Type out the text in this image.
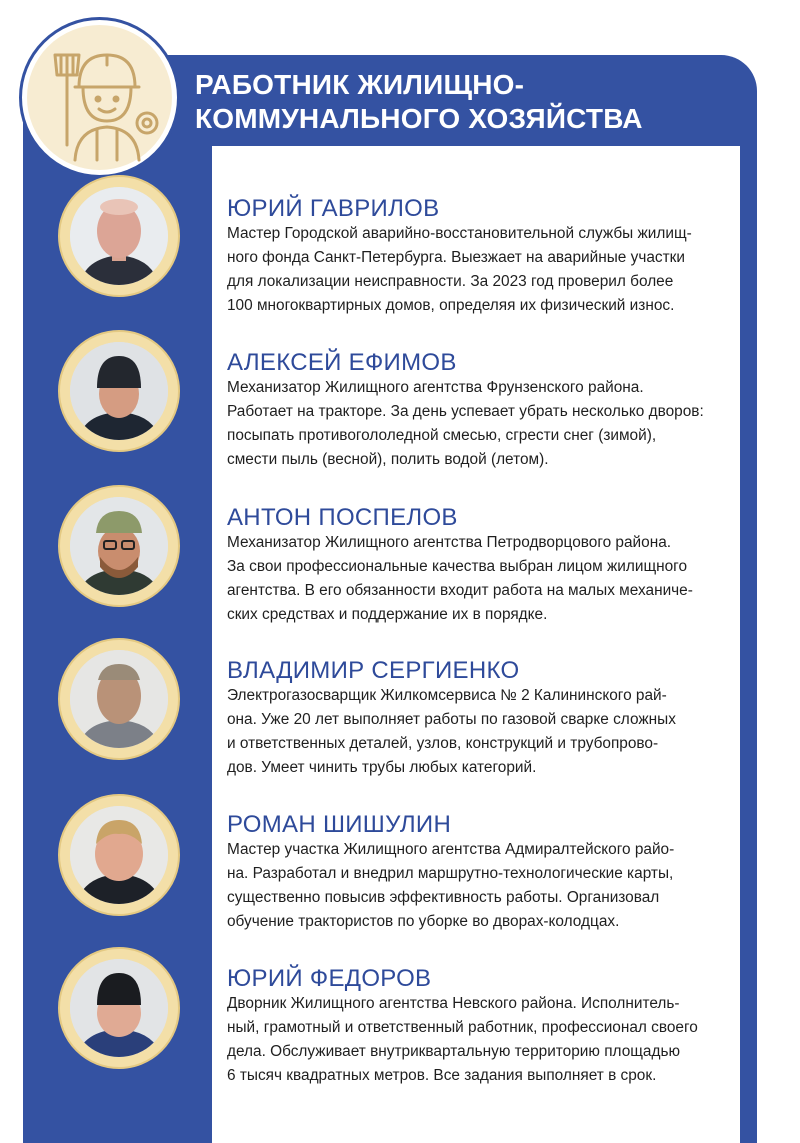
РАБОТНИК ЖИЛИЩНО-
КОММУНАЛЬНОГО ХОЗЯЙСТВА
ЮРИЙ ГАВРИЛОВ
Мастер Городской аварийно-восстановительной службы жилищ-
ного фонда Санкт-Петербурга. Выезжает на аварийные участки
для локализации неисправности. За 2023 год проверил более
100 многоквартирных домов, определяя их физический износ.
АЛЕКСЕЙ ЕФИМОВ
Механизатор Жилищного агентства Фрунзенского района.
Работает на тракторе. За день успевает убрать несколько дворов:
посыпать противогололедной смесью, сгрести снег (зимой),
смести пыль (весной), полить водой (летом).
АНТОН ПОСПЕЛОВ
Механизатор Жилищного агентства Петродворцового района.
За свои профессиональные качества выбран лицом жилищного
агентства. В его обязанности входит работа на малых механиче-
ских средствах и поддержание их в порядке.
ВЛАДИМИР СЕРГИЕНКО
Электрогазосварщик Жилкомсервиса № 2 Калининского рай-
она. Уже 20 лет выполняет работы по газовой сварке сложных
и ответственных деталей, узлов, конструкций и трубопрово-
дов. Умеет чинить трубы любых категорий.
РОМАН ШИШУЛИН
Мастер участка Жилищного агентства Адмиралтейского райо-
на. Разработал и внедрил маршрутно-технологические карты,
существенно повысив эффективность работы. Организовал
обучение трактористов по уборке во дворах-колодцах.
ЮРИЙ ФЕДОРОВ
Дворник Жилищного агентства Невского района. Исполнитель-
ный, грамотный и ответственный работник, профессионал своего
дела. Обслуживает внутриквартальную территорию площадью
6 тысяч квадратных метров. Все задания выполняет в срок.
